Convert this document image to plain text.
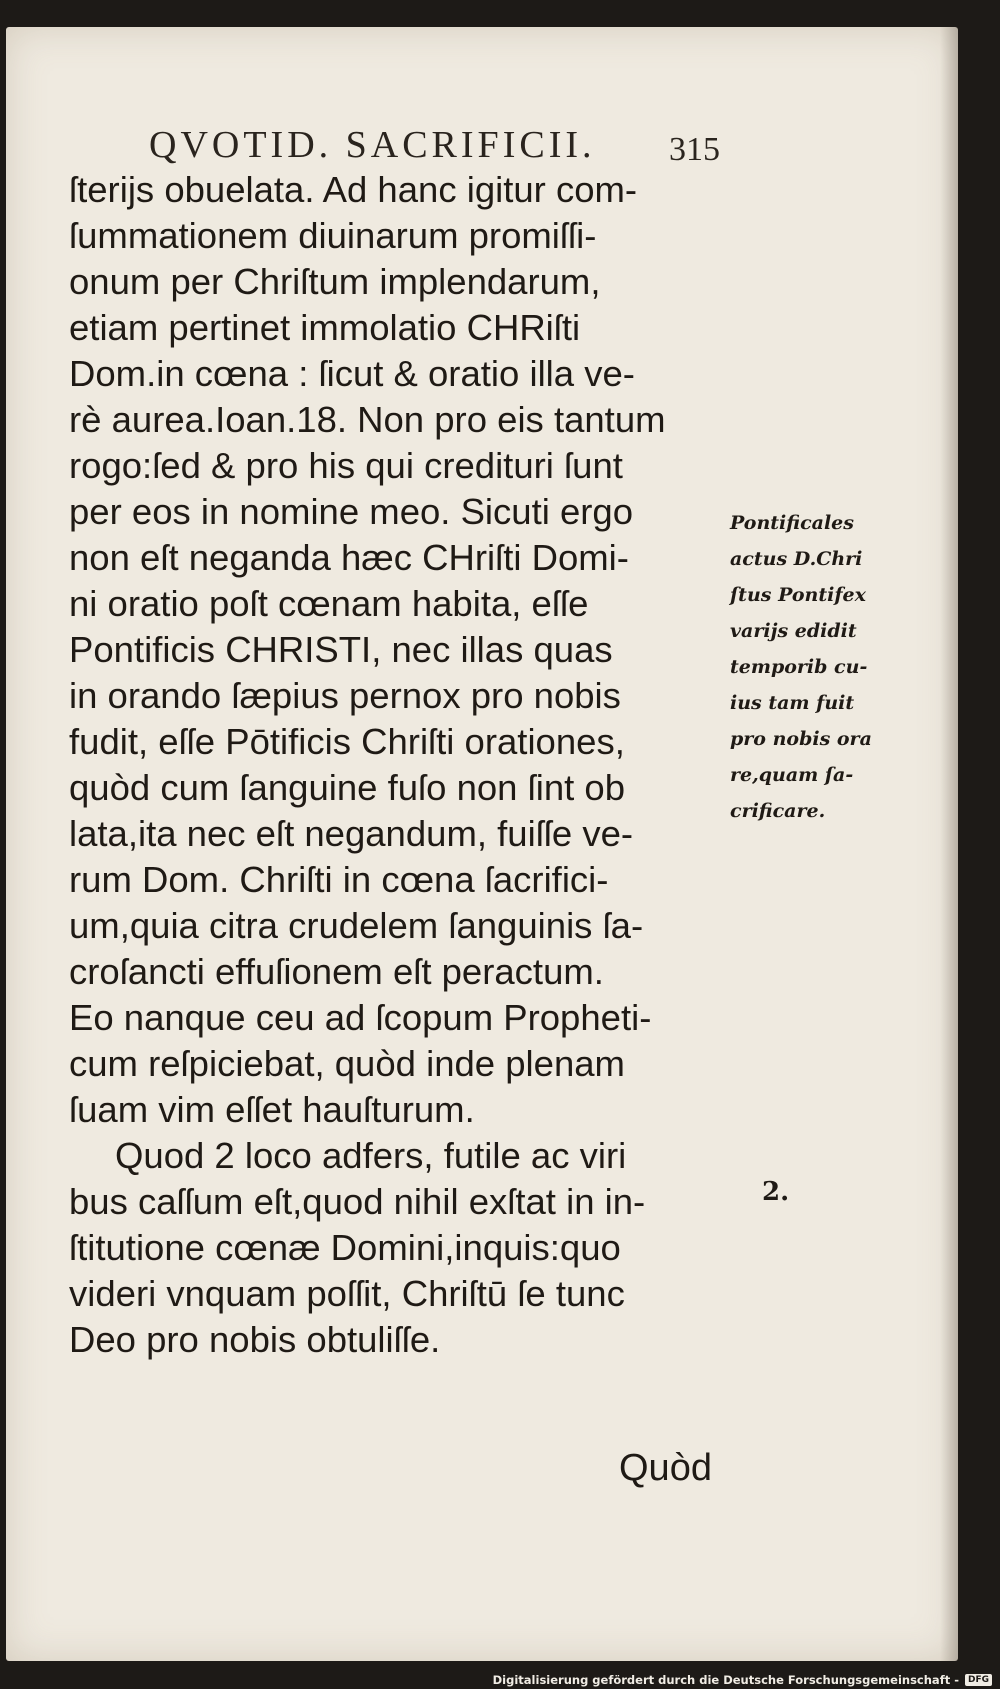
QVOTID. SACRIFICII. 315
ſterijs obuelata. Ad hanc igitur com-
ſummationem diuinarum promiſſi-
onum per Chriſtum implendarum,
etiam pertinet immolatio CHRiſti
Dom.in cœna : ſicut & oratio illa ve-
rè aurea.Ioan.18. Non pro eis tantum
rogo:ſed & pro his qui credituri ſunt
per eos in nomine meo. Sicuti ergo
non eſt neganda hæc CHriſti Domi-
ni oratio poſt cœnam habita, eſſe
Pontificis CHRISTI, nec illas quas
in orando ſæpius pernox pro nobis
fudit, eſſe Pōtificis Chriſti orationes,
quòd cum ſanguine fuſo non ſint ob
lata,ita nec eſt negandum, fuiſſe ve-
rum Dom. Chriſti in cœna ſacrifici-
um,quia citra crudelem ſanguinis ſa-
croſancti effuſionem eſt peractum.
Eo nanque ceu ad ſcopum Propheti-
cum reſpiciebat, quòd inde plenam
ſuam vim eſſet hauſturum.
Quod 2 loco adfers, futile ac viri
bus caſſum eſt,quod nihil exſtat in in-
ſtitutione cœnæ Domini,inquis:quo
videri vnquam poſſit, Chriſtū ſe tunc
Deo pro nobis obtuliſſe.
Pontificales
actus D.Chri
ſtus Pontifex
varijs edidit
temporib cu-
ius tam fuit
pro nobis ora
re,quam ſa-
crificare.
2.
Quòd
Digitalisierung gefördert durch die Deutsche Forschungsgemeinschaft -	DFG
